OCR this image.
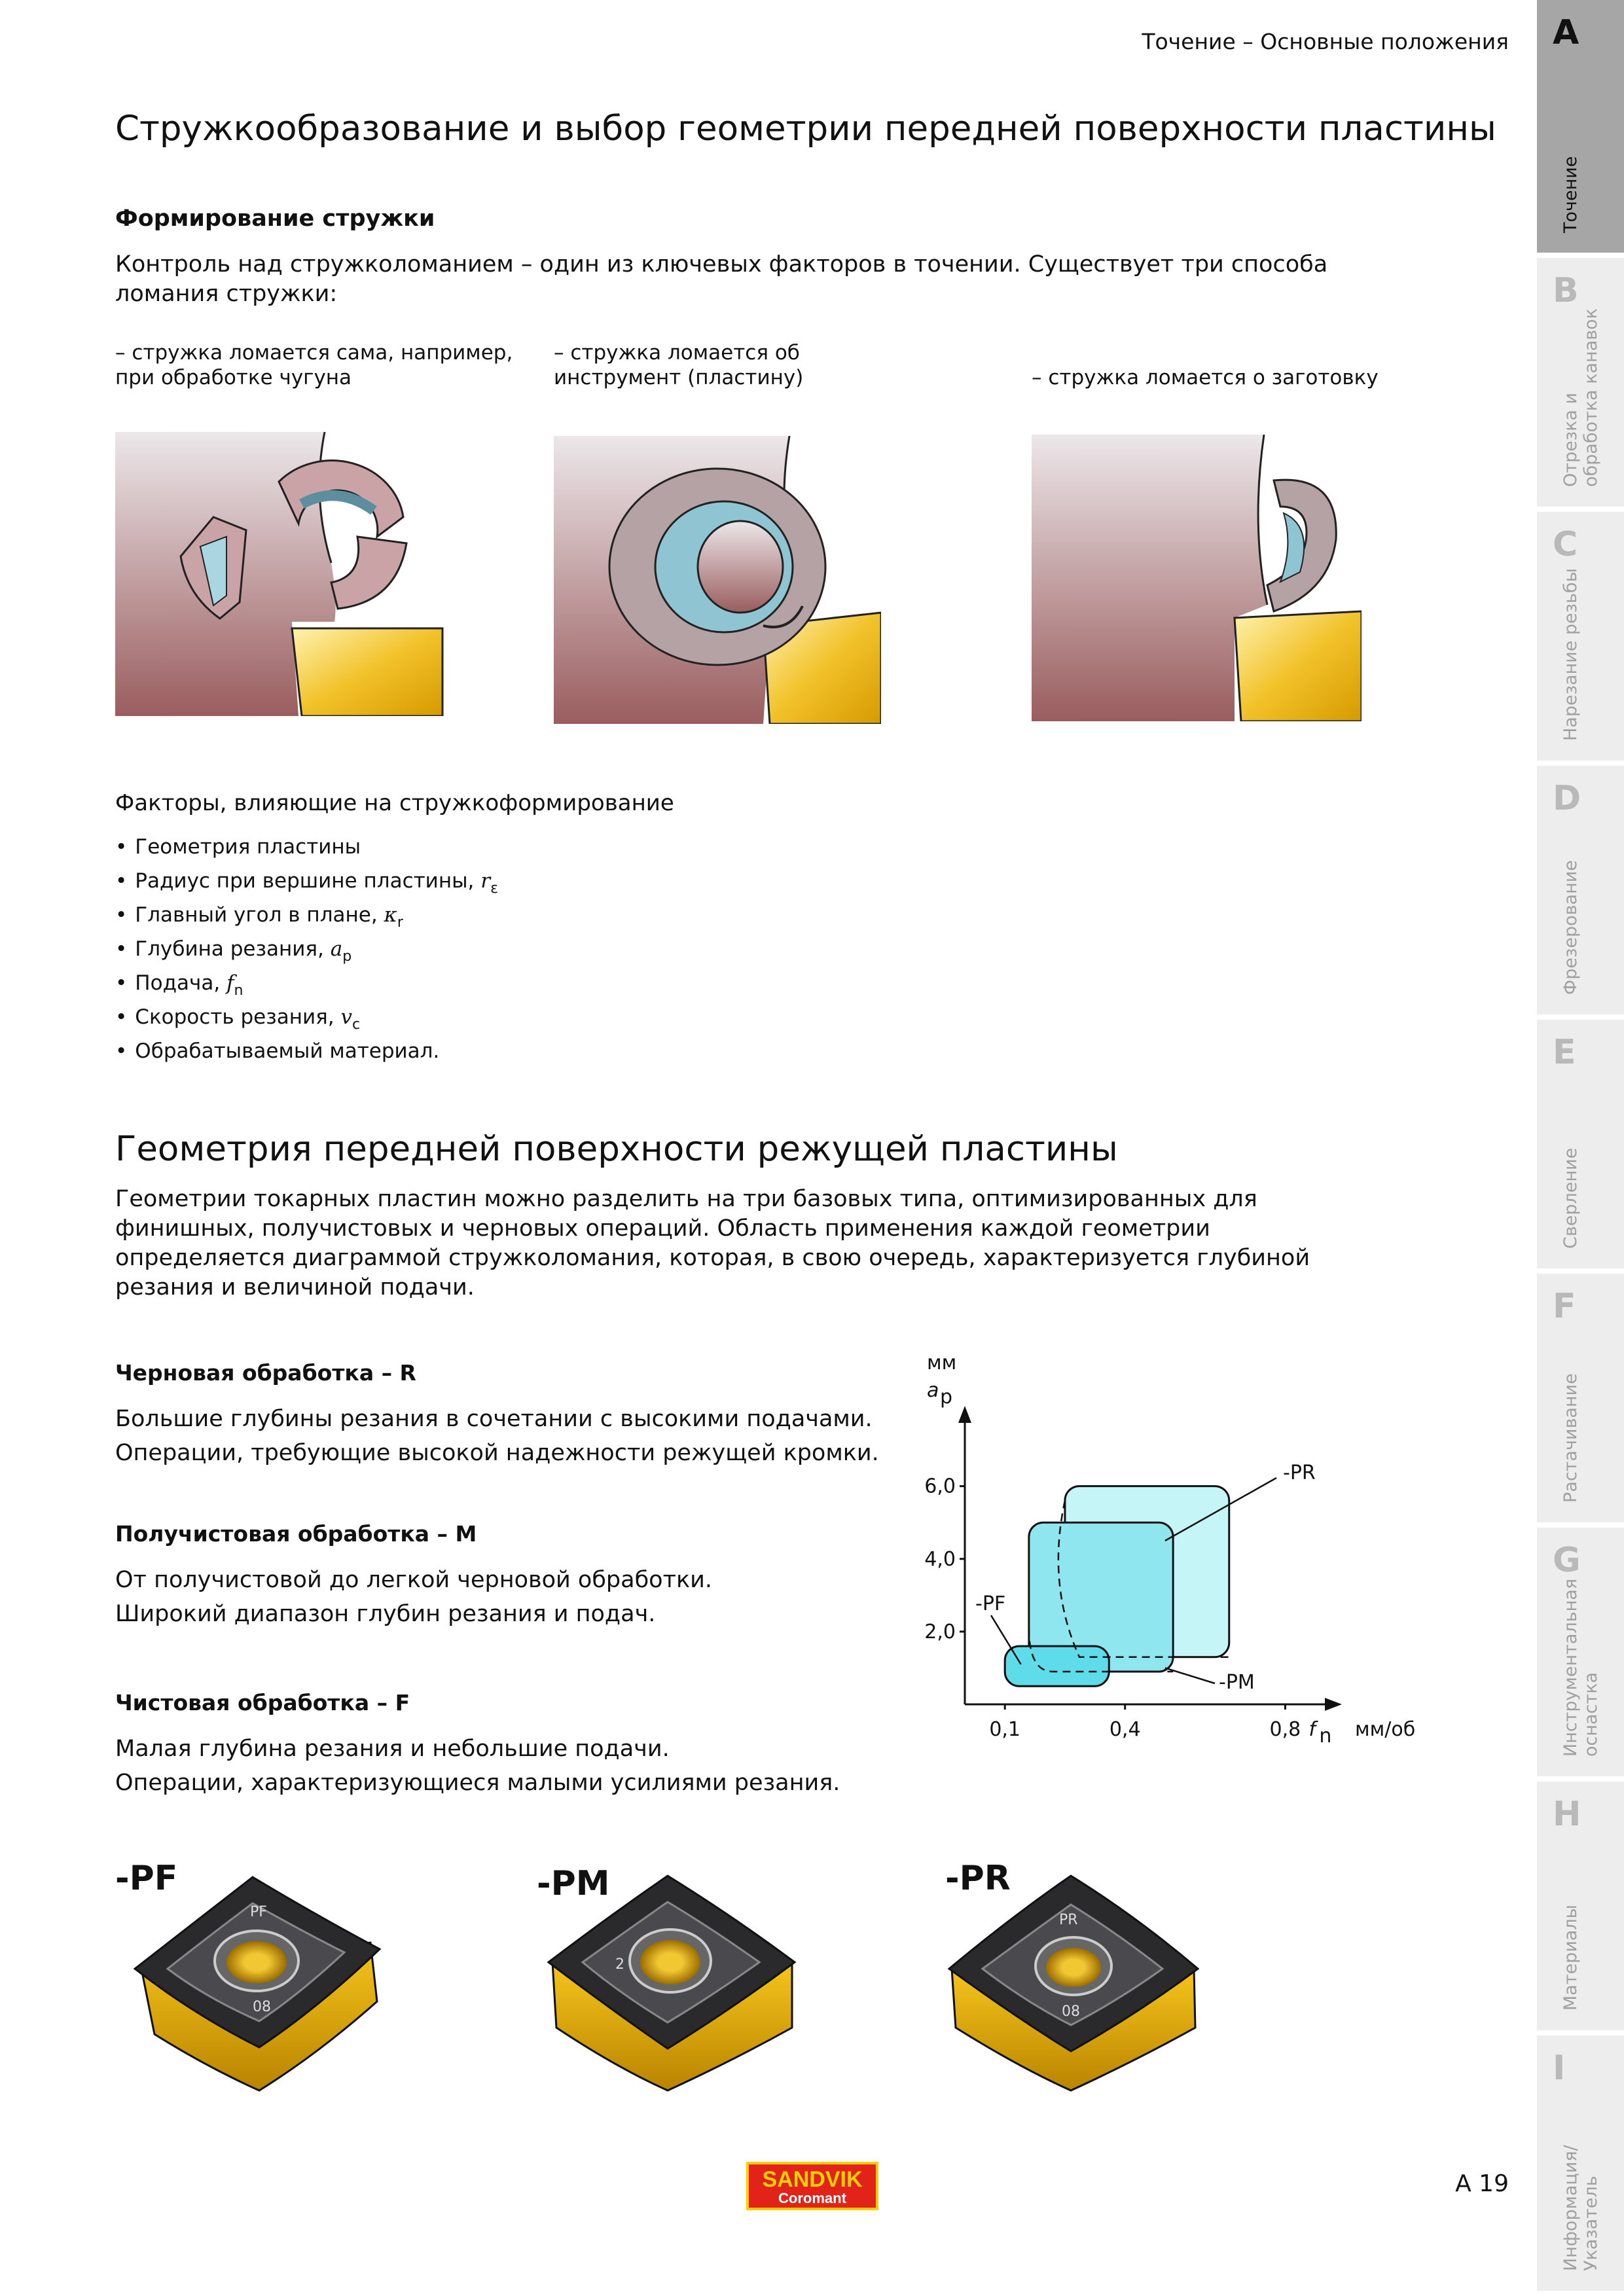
Точение – Основные положения A
Точение
B
Отрезка и
обработка канавок
C
Нарезание резьбы
D
Фрезерование
E
Сверление
F
Растачивание
G
Инструментальная
оснастка
H
Материалы
I
Информация/
Указатель
Стружкообразование и выбор геометрии передней поверхности пластины
Формирование стружки
Контроль над стружколоманием – один из ключевых факторов в точении. Существует три способа ломания стружки:
– стружка ломается сама, например, при обработке чугуна
– стружка ломается об инструмент (пластину)	– стружка ломается о заготовку
Факторы, влияющие на стружкоформирование
• Геометрия пластины
• Радиус при вершине пластины, $r_\varepsilon$
• Главный угол в плане, $\kappa_r$
• Глубина резания, $a_p$
• Подача, $f_n$
• Скорость резания, $v_c$
• Обрабатываемый материал.
Геометрия передней поверхности режущей пластины
Геометрии токарных пластин можно разделить на три базовых типа, оптимизированных для финишных, получистовых и черновых операций. Область применения каждой геометрии определяется диаграммой стружколомания, которая, в свою очередь, характеризуется глубиной резания и величиной подачи.
Черновая обработка – R
Большие глубины резания в сочетании с высокими подачами.
Операции, требующие высокой надежности режущей кромки.
Получистовая обработка – M
От получистовой до легкой черновой обработки.
Широкий диапазон глубин резания и подач.
Чистовая обработка – F
Малая глубина резания и небольшие подачи.
Операции, характеризующиеся малыми усилиями резания.
2,0
4,0
6,0
0,1	0,4	0,8
мм
a p
f n мм/об
-PR
-PM
-PF
-PF	-PM	-PR
PF
08
2
PR
08
SANDVIK
Coromant
A 19
